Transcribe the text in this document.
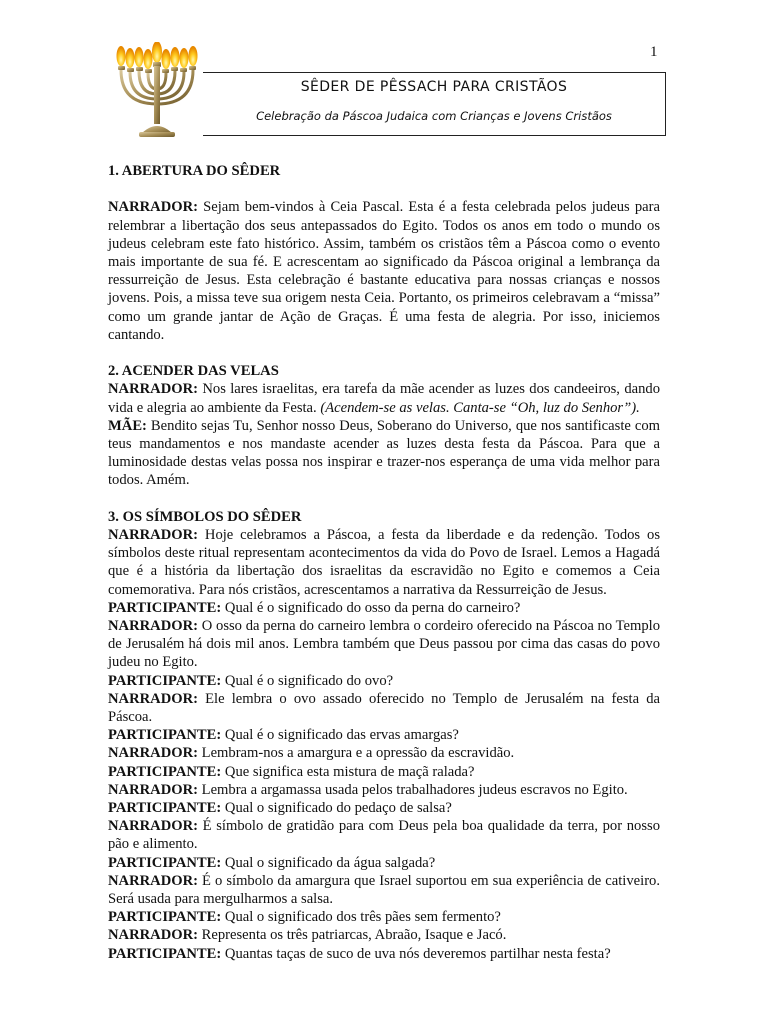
1
SÊDER DE PÊSSACH PARA CRISTÃOS
Celebração da Páscoa Judaica com Crianças e Jovens Cristãos
1. ABERTURA DO SÊDER

NARRADOR: Sejam bem-vindos à Ceia Pascal. Esta é a festa celebrada pelos judeus para relembrar a libertação dos seus antepassados do Egito. Todos os anos em todo o mundo os judeus celebram este fato histórico. Assim, também os cristãos têm a Páscoa como o evento mais importante de sua fé. E acrescentam ao significado da Páscoa original a lembrança da ressurreição de Jesus. Esta celebração é bastante educativa para nossas crianças e nossos jovens. Pois, a missa teve sua origem nesta Ceia. Portanto, os primeiros celebravam a “missa” como um grande jantar de Ação de Graças. É uma festa de alegria. Por isso, iniciemos cantando.

2. ACENDER DAS VELAS

NARRADOR: Nos lares israelitas, era tarefa da mãe acender as luzes dos candeeiros, dando vida e alegria ao ambiente da Festa. (Acendem-se as velas. Canta-se “Oh, luz do Senhor”).

MÃE: Bendito sejas Tu, Senhor nosso Deus, Soberano do Universo, que nos santificaste com teus mandamentos e nos mandaste acender as luzes desta festa da Páscoa. Para que a luminosidade destas velas possa nos inspirar e trazer-nos esperança de uma vida melhor para todos. Amém.

3. OS SÍMBOLOS DO SÊDER

NARRADOR: Hoje celebramos a Páscoa, a festa da liberdade e da redenção. Todos os símbolos deste ritual representam acontecimentos da vida do Povo de Israel. Lemos a Hagadá que é a história da libertação dos israelitas da escravidão no Egito e comemos a Ceia comemorativa. Para nós cristãos, acrescentamos a narrativa da Ressurreição de Jesus.

PARTICIPANTE: Qual é o significado do osso da perna do carneiro?

NARRADOR: O osso da perna do carneiro lembra o cordeiro oferecido na Páscoa no Templo de Jerusalém há dois mil anos. Lembra também que Deus passou por cima das casas do povo judeu no Egito.

PARTICIPANTE: Qual é o significado do ovo?

NARRADOR: Ele lembra o ovo assado oferecido no Templo de Jerusalém na festa da Páscoa.

PARTICIPANTE: Qual é o significado das ervas amargas?

NARRADOR: Lembram-nos a amargura e a opressão da escravidão.

PARTICIPANTE: Que significa esta mistura de maçã ralada?

NARRADOR: Lembra a argamassa usada pelos trabalhadores judeus escravos no Egito.

PARTICIPANTE: Qual o significado do pedaço de salsa?

NARRADOR: É símbolo de gratidão para com Deus pela boa qualidade da terra, por nosso pão e alimento.

PARTICIPANTE: Qual o significado da água salgada?

NARRADOR: É o símbolo da amargura que Israel suportou em sua experiência de cativeiro. Será usada para mergulharmos a salsa.

PARTICIPANTE: Qual o significado dos três pães sem fermento?

NARRADOR: Representa os três patriarcas, Abraão, Isaque e Jacó.

PARTICIPANTE: Quantas taças de suco de uva nós deveremos partilhar nesta festa?
